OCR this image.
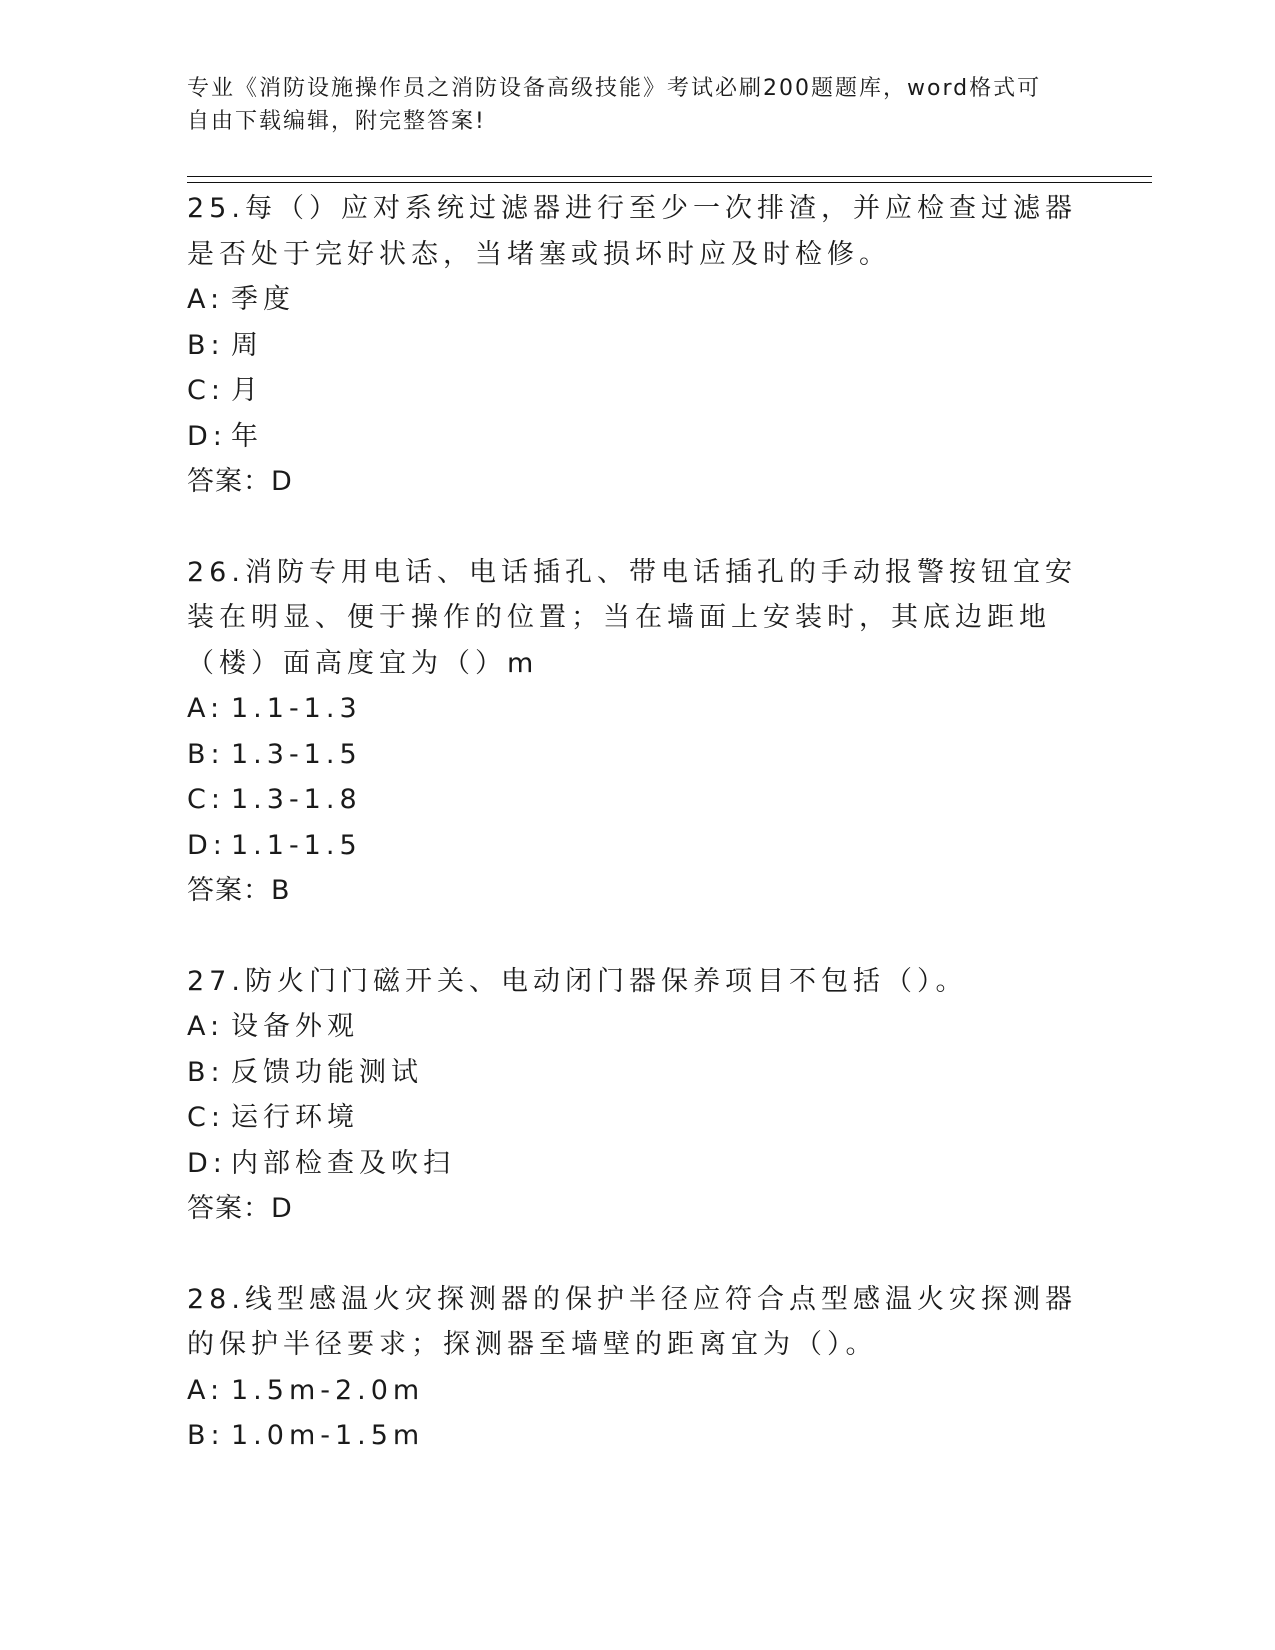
专业《消防设施操作员之消防设备高级技能》考试必刷200题题库，word格式可
自由下载编辑，附完整答案!

25.每（）应对系统过滤器进行至少一次排渣，并应检查过滤器是否处于完好状态，当堵塞或损坏时应及时检修。

A: 季度

B: 周

C: 月

D: 年

答案：D

26.消防专用电话、电话插孔、带电话插孔的手动报警按钮宜安装在明显、便于操作的位置；当在墙面上安装时，其底边距地（楼）面高度宜为（）m

A: 1.1-1.3

B: 1.3-1.5

C: 1.3-1.8

D: 1.1-1.5

答案：B

27.防火门门磁开关、电动闭门器保养项目不包括（）。

A: 设备外观

B: 反馈功能测试

C: 运行环境

D: 内部检查及吹扫

答案：D

28.线型感温火灾探测器的保护半径应符合点型感温火灾探测器的保护半径要求；探测器至墙壁的距离宜为（）。

A: 1.5m-2.0m

B: 1.0m-1.5m
